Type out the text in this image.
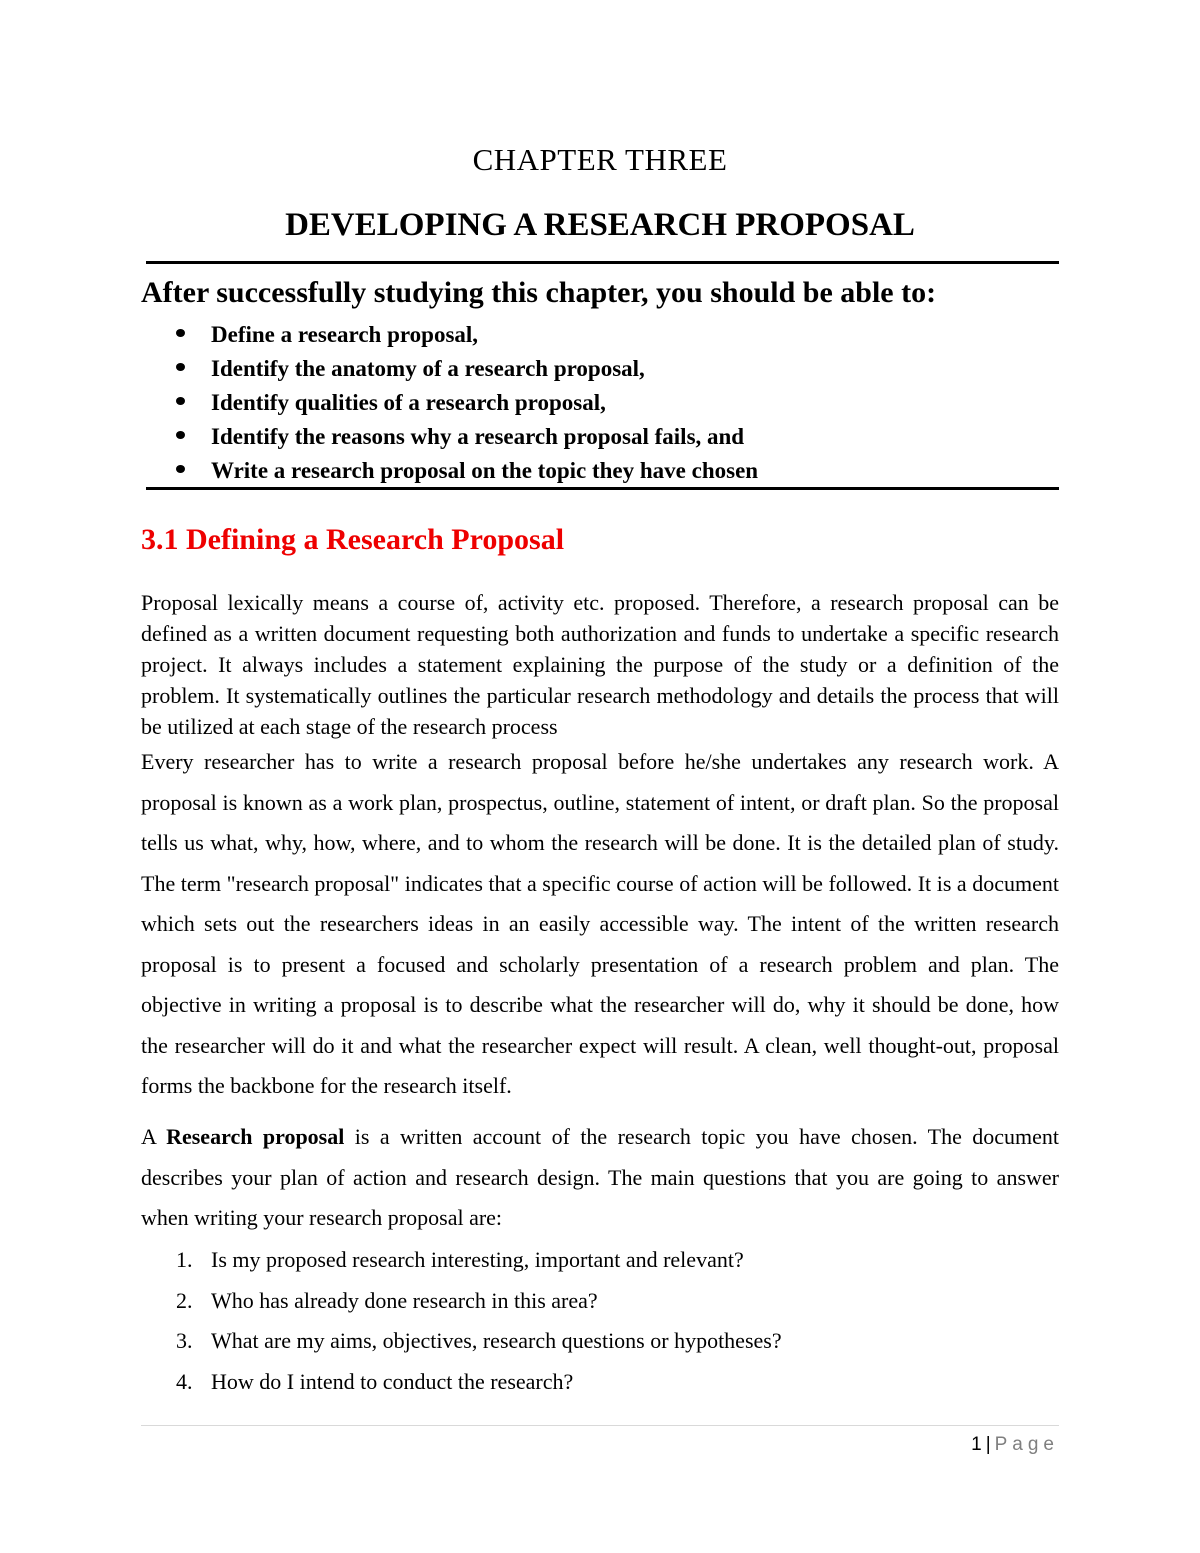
CHAPTER THREE
DEVELOPING A RESEARCH PROPOSAL
After successfully studying this chapter, you should be able to:
Define a research proposal,
Identify the anatomy of a research proposal,
Identify qualities of a research proposal,
Identify the reasons why a research proposal fails, and
Write a research proposal on the topic they have chosen
3.1 Defining a Research Proposal

Proposal lexically means a course of, activity etc. proposed. Therefore, a research proposal can be defined as a written document requesting both authorization and funds to undertake a specific research project. It always includes a statement explaining the purpose of the study or a definition of the problem. It systematically outlines the particular research methodology and details the process that will be utilized at each stage of the research process

Every researcher has to write a research proposal before he/she undertakes any research work. A proposal is known as a work plan, prospectus, outline, statement of intent, or draft plan. So the proposal tells us what, why, how, where, and to whom the research will be done. It is the detailed plan of study. The term "research proposal" indicates that a specific course of action will be followed. It is a document which sets out the researchers ideas in an easily accessible way. The intent of the written research proposal is to present a focused and scholarly presentation of a research problem and plan. The objective in writing a proposal is to describe what the researcher will do, why it should be done, how the researcher will do it and what the researcher expect will result. A clean, well thought-out, proposal forms the backbone for the research itself.

A Research proposal is a written account of the research topic you have chosen. The document describes your plan of action and research design. The main questions that you are going to answer when writing your research proposal are:

1. Is my proposed research interesting, important and relevant?
2. Who has already done research in this area?
3. What are my aims, objectives, research questions or hypotheses?
4. How do I intend to conduct the research?
1 | Page
